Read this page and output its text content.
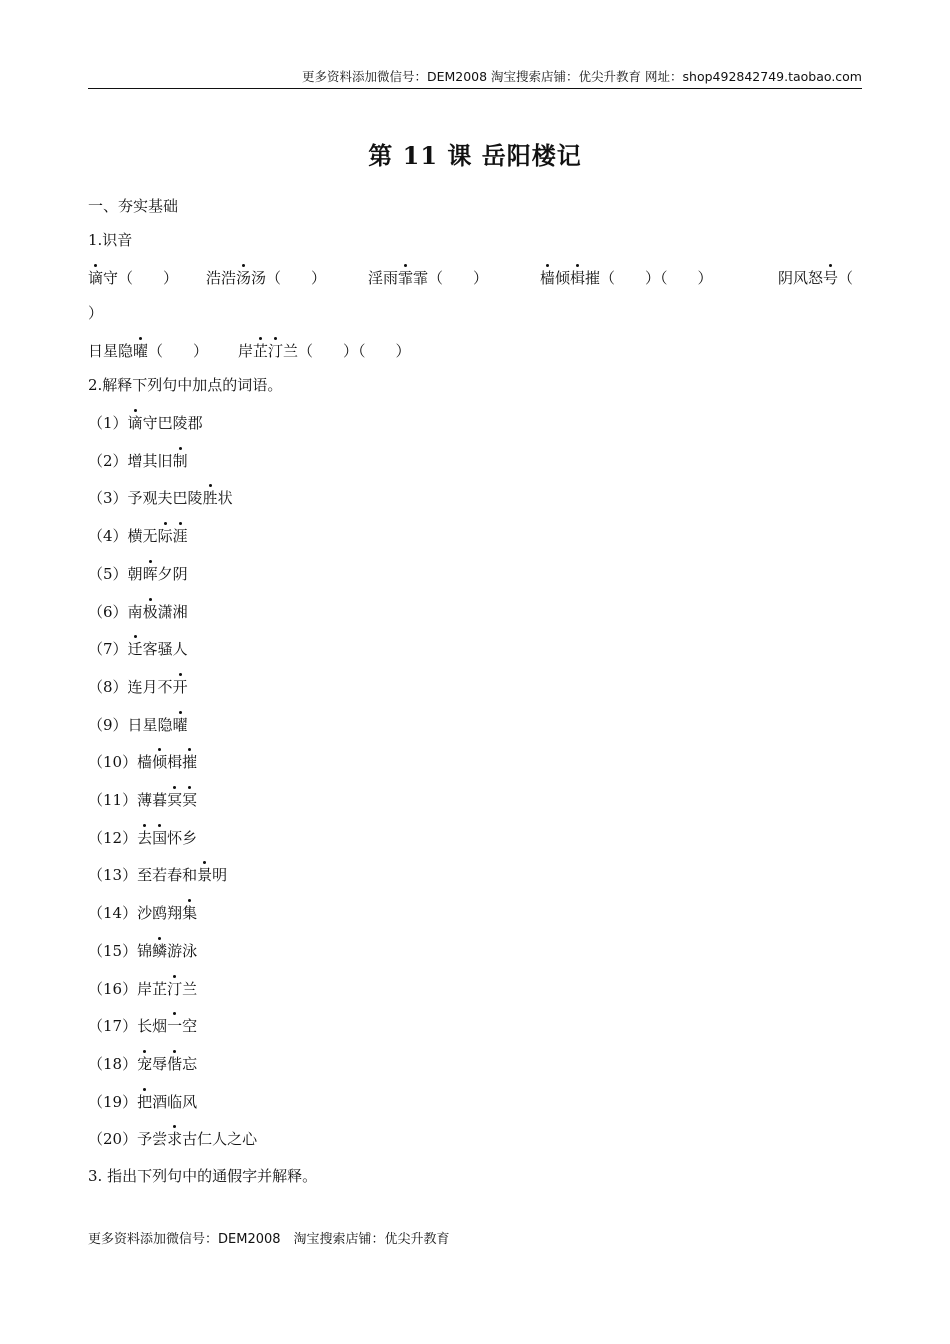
更多资料添加微信号：DEM2008 淘宝搜索店铺：优尖升教育 网址：shop492842749.taobao.com
第 11 课 岳阳楼记
一、夯实基础
1.识音
谪守（　　） 浩浩汤汤（　　）	淫雨霏霏（　　）	樯倾楫摧（　　）（　　）	阴风怒号（
）
日星隐曜（　　） 岸芷汀兰（　　）（　　）
2.解释下列句中加点的词语。
（1）谪守巴陵郡
（2）增其旧制
（3）予观夫巴陵胜状
（4）横无际涯
（5）朝晖夕阴
（6）南极潇湘
（7）迁客骚人
（8）连月不开
（9）日星隐曜
（10）樯倾楫摧
（11）薄暮冥冥
（12）去国怀乡
（13）至若春和景明
（14）沙鸥翔集
（15）锦鳞游泳
（16）岸芷汀兰
（17）长烟一空
（18）宠辱偕忘
（19）把酒临风
（20）予尝求古仁人之心
3. 指出下列句中的通假字并解释。
更多资料添加微信号：DEM2008　淘宝搜索店铺：优尖升教育
